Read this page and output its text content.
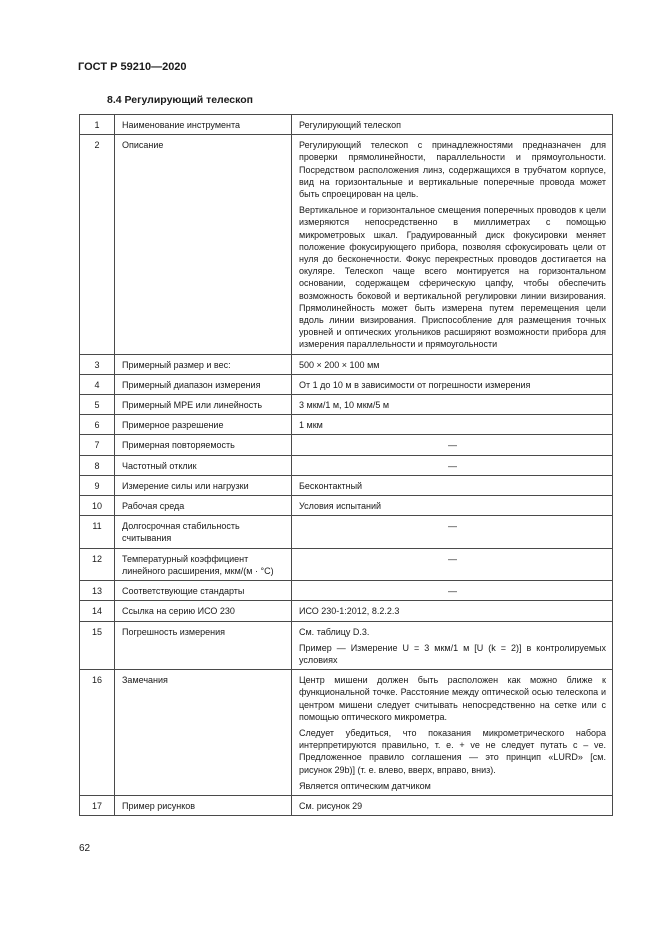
ГОСТ Р 59210—2020
8.4 Регулирующий телескоп
1	Наименование инструмента	Регулирующий телескоп

2	Описание	Регулирующий телескоп с принадлежностями предназначен для проверки прямолинейности, параллельности и прямоугольности. Посредством расположения линз, содержащихся в трубчатом корпусе, вид на горизонтальные и вертикальные поперечные провода может быть спроецирован на цель.
Вертикальное и горизонтальное смещения поперечных проводов к цели измеряются непосредственно в миллиметрах с помощью микрометровых шкал. Градуированный диск фокусировки меняет положение фокусирующего прибора, позволяя сфокусировать цели от нуля до бесконечности. Фокус перекрестных проводов достигается на окуляре. Телескоп чаще всего монтируется на горизонтальном основании, содержащем сферическую цапфу, чтобы обеспечить возможность боковой и вертикальной регулировки линии визирования. Прямолинейность может быть измерена путем перемещения цели вдоль линии визирования. Приспособление для размещения точных уровней и оптических угольников расширяют возможности прибора для измерения параллельности и прямоугольности

3	Примерный размер и вес:	500 × 200 × 100 мм

4	Примерный диапазон измерения	От 1 до 10 м в зависимости от погрешности измерения

5	Примерный MPE или линейность	3 мкм/1 м, 10 мкм/5 м

6	Примерное разрешение	1 мкм

7	Примерная повторяемость	—

8	Частотный отклик	—

9	Измерение силы или нагрузки	Бесконтактный

10	Рабочая среда	Условия испытаний

11	Долгосрочная стабильность считывания	—

12	Температурный коэффициент линейного расширения, мкм/(м · °С)	—

13	Соответствующие стандарты	—

14	Ссылка на серию ИСО 230	ИСО 230-1:2012, 8.2.2.3

15	Погрешность измерения	См. таблицу D.3.
Пример — Измерение U = 3 мкм/1 м [U (k = 2)] в контролируемых условиях

16	Замечания	Центр мишени должен быть расположен как можно ближе к функциональной точке. Расстояние между оптической осью телескопа и центром мишени следует считывать непосредственно на сетке или с помощью оптического микрометра.
Следует убедиться, что показания микрометрического набора интерпретируются правильно, т. е. + ve не следует путать с – ve. Предложенное правило соглашения — это принцип «LURD» [см. рисунок 29b)] (т. е. влево, вверх, вправо, вниз).
Является оптическим датчиком

17	Пример рисунков	См. рисунок 29
62
